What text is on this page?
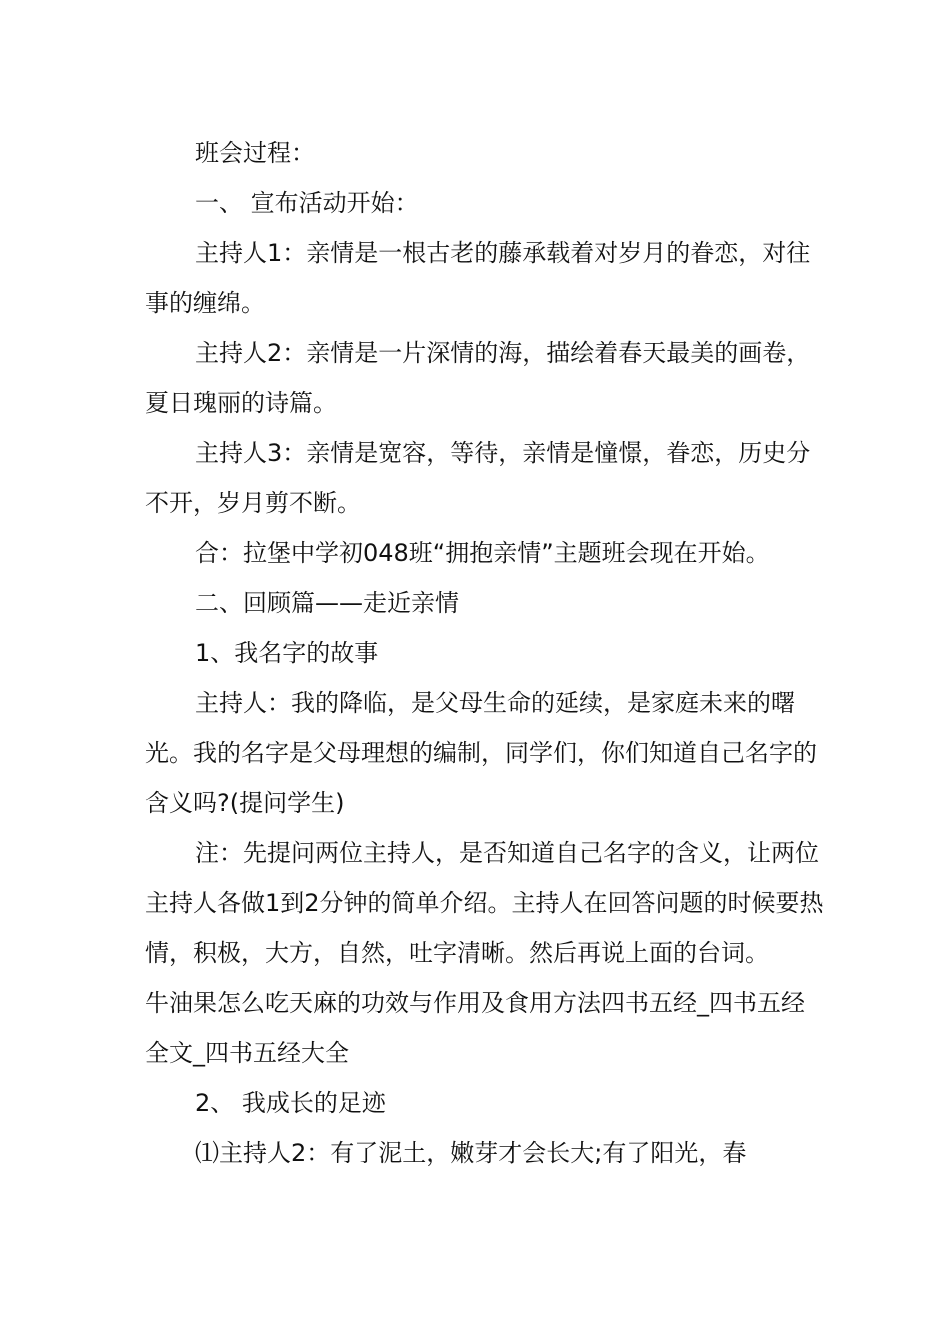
班会过程：

一、 宣布活动开始：

主持人1：亲情是一根古老的藤承载着对岁月的眷恋，对往事的缠绵。

主持人2：亲情是一片深情的海，描绘着春天最美的画卷，夏日瑰丽的诗篇。

主持人3：亲情是宽容，等待，亲情是憧憬，眷恋，历史分不开，岁月剪不断。

合：拉堡中学初048班“拥抱亲情”主题班会现在开始。

二、回顾篇——走近亲情

1、我名字的故事

主持人：我的降临，是父母生命的延续，是家庭未来的曙光。我的名字是父母理想的编制，同学们，你们知道自己名字的含义吗?(提问学生)

注：先提问两位主持人，是否知道自己名字的含义，让两位主持人各做1到2分钟的简单介绍。主持人在回答问题的时候要热情，积极，大方，自然，吐字清晰。然后再说上面的台词。

牛油果怎么吃天麻的功效与作用及食用方法四书五经_四书五经全文_四书五经大全

2、 我成长的足迹

⑴主持人2：有了泥土，嫩芽才会长大;有了阳光，春
